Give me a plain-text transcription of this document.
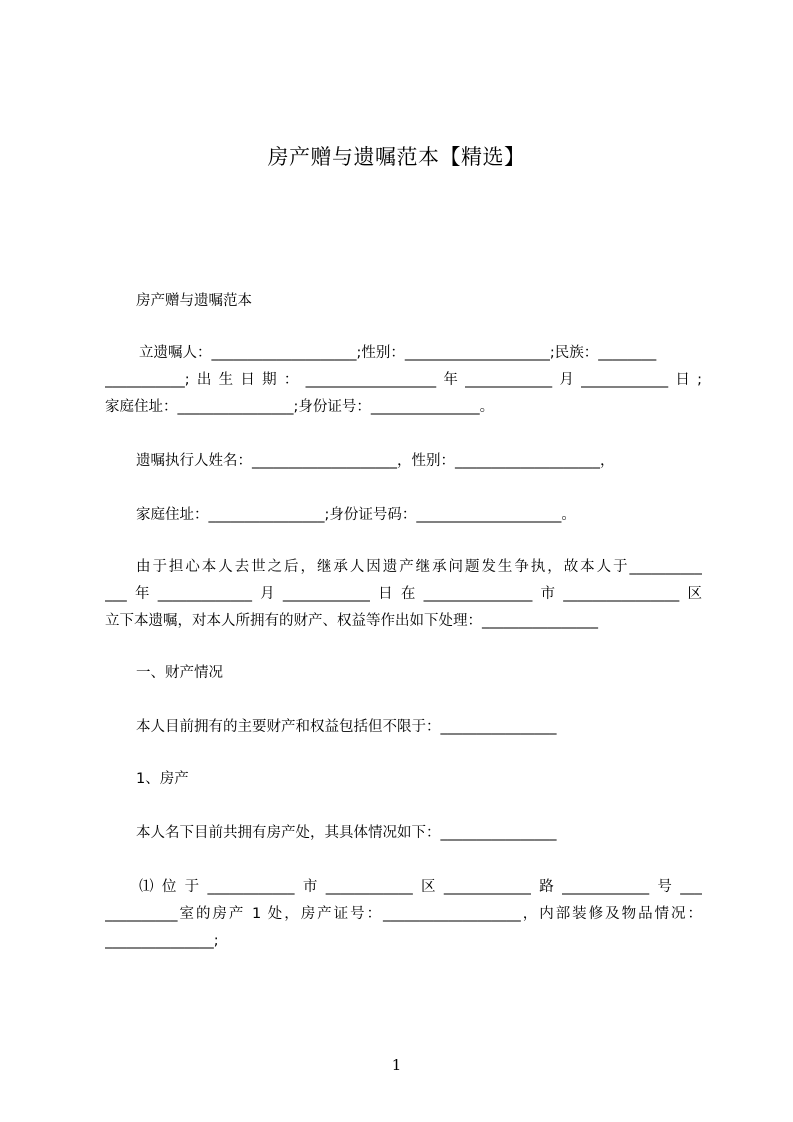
房产赠与遗嘱范本【精选】
房产赠与遗嘱范本
立遗嘱人：____________________;性别：____________________;民族：________
___________;出生日期：__________________年____________月____________日;
家庭住址：________________;身份证号：_______________。
遗嘱执行人姓名：____________________，性别：____________________，
家庭住址：________________;身份证号码：____________________。
由于担心本人去世之后，继承人因遗产继承问题发生争执，故本人于__________
___年_____________月____________日在_______________市________________区
立下本遗嘱，对本人所拥有的财产、权益等作出如下处理：________________
一、财产情况
本人目前拥有的主要财产和权益包括但不限于：________________
1、房产
本人名下目前共拥有房产处，其具体情况如下：________________
⑴位于____________市____________区____________路____________号___
__________室的房产 1 处，房产证号：___________________，内部装修及物品情况：
_______________;
1
